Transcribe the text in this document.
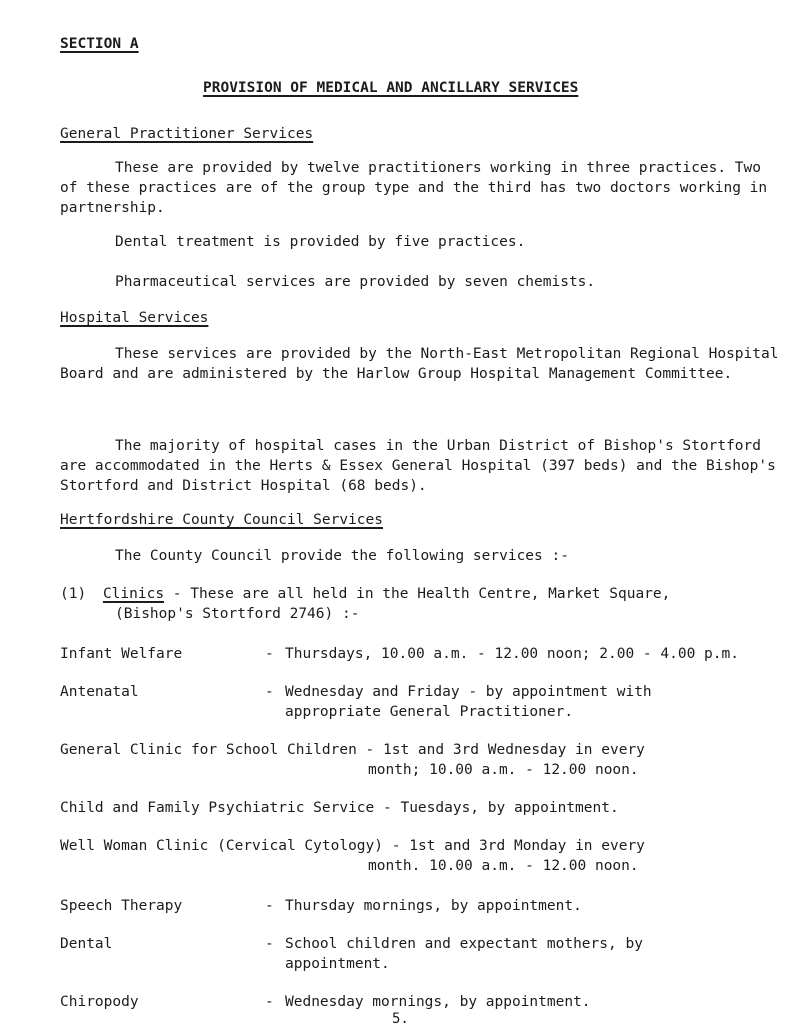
SECTION A
PROVISION OF MEDICAL AND ANCILLARY SERVICES
General Practitioner Services
These are provided by twelve practitioners working in three practices. Two of these practices are of the group type and the third has two doctors working in partnership.
Dental treatment is provided by five practices.
Pharmaceutical services are provided by seven chemists.
Hospital Services
These services are provided by the North-East Metropolitan Regional Hospital Board and are administered by the Harlow Group Hospital Management Committee.
The majority of hospital cases in the Urban District of Bishop's Stortford are accommodated in the Herts & Essex General Hospital (397 beds) and the Bishop's Stortford and District Hospital (68 beds).
Hertfordshire County Council Services
The County Council provide the following services :-
(1) Clinics - These are all held in the Health Centre, Market Square,
(Bishop's Stortford 2746) :-
Infant Welfare	- Thursdays, 10.00 a.m. - 12.00 noon; 2.00 - 4.00 p.m.
Antenatal	- Wednesday and Friday - by appointment with appropriate General Practitioner.
General Clinic for School Children - 1st and 3rd Wednesday in every
month; 10.00 a.m. - 12.00 noon.
Child and Family Psychiatric Service - Tuesdays, by appointment.
Well Woman Clinic (Cervical Cytology) - 1st and 3rd Monday in every
month. 10.00 a.m. - 12.00 noon.
Speech Therapy	- Thursday mornings, by appointment.
Dental	- School children and expectant mothers, by appointment.
Chiropody	- Wednesday mornings, by appointment.
5.
